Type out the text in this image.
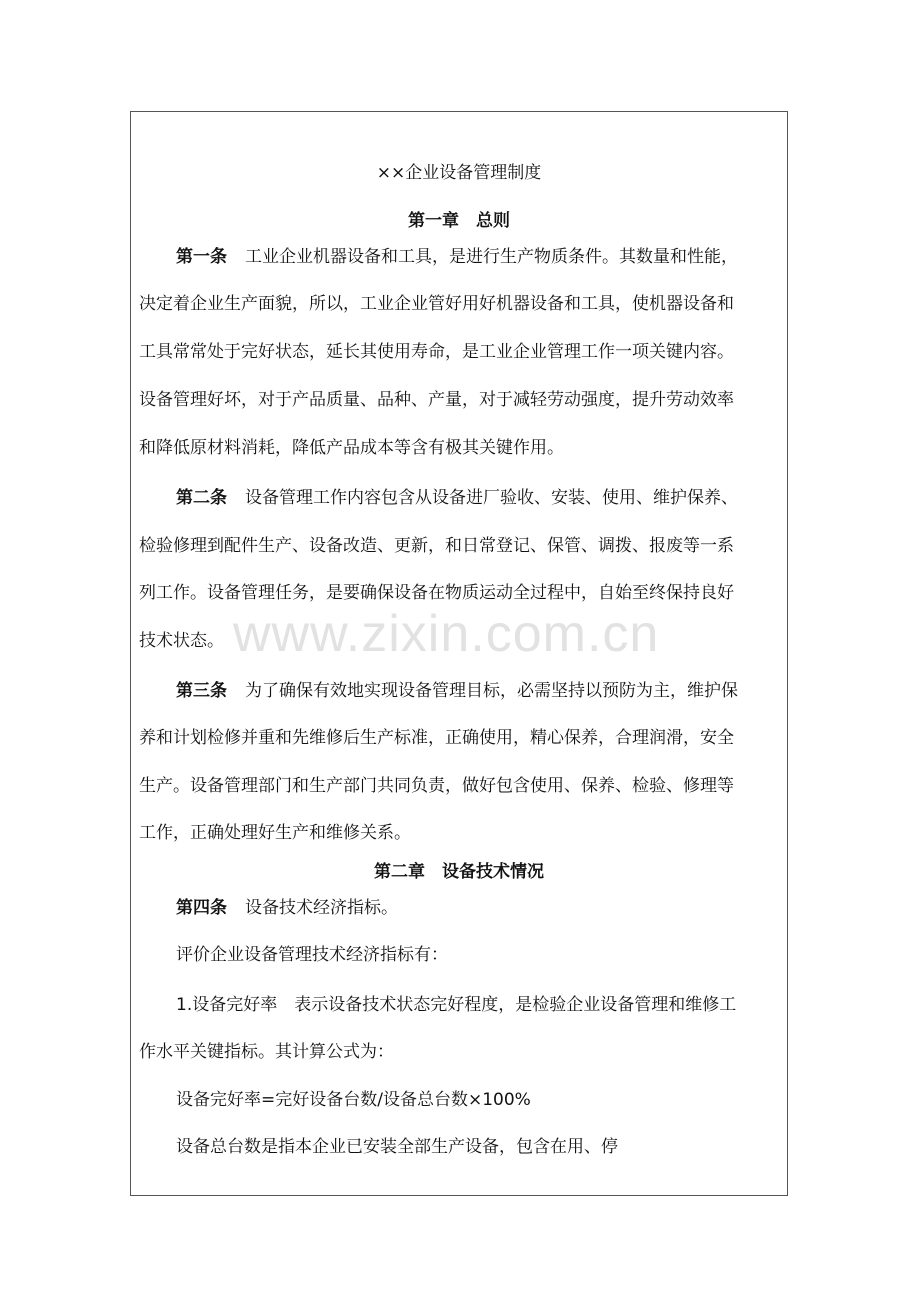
www.zixin.com.cn
××企业设备管理制度
第一章　总则
第一条 工业企业机器设备和工具，是进行生产物质条件。其数量和性能，
决定着企业生产面貌，所以，工业企业管好用好机器设备和工具，使机器设备和
工具常常处于完好状态，延长其使用寿命，是工业企业管理工作一项关键内容。
设备管理好坏，对于产品质量、品种、产量，对于减轻劳动强度，提升劳动效率
和降低原材料消耗，降低产品成本等含有极其关键作用。
第二条 设备管理工作内容包含从设备进厂验收、安装、使用、维护保养、
检验修理到配件生产、设备改造、更新，和日常登记、保管、调拨、报废等一系
列工作。设备管理任务，是要确保设备在物质运动全过程中，自始至终保持良好
技术状态。
第三条 为了确保有效地实现设备管理目标，必需坚持以预防为主，维护保
养和计划检修并重和先维修后生产标准，正确使用，精心保养，合理润滑，安全
生产。设备管理部门和生产部门共同负责，做好包含使用、保养、检验、修理等
工作，正确处理好生产和维修关系。
第二章　设备技术情况
第四条 设备技术经济指标。
评价企业设备管理技术经济指标有：
1.设备完好率　表示设备技术状态完好程度，是检验企业设备管理和维修工
作水平关键指标。其计算公式为：
设备完好率=完好设备台数/设备总台数×100%
设备总台数是指本企业已安装全部生产设备，包含在用、停
